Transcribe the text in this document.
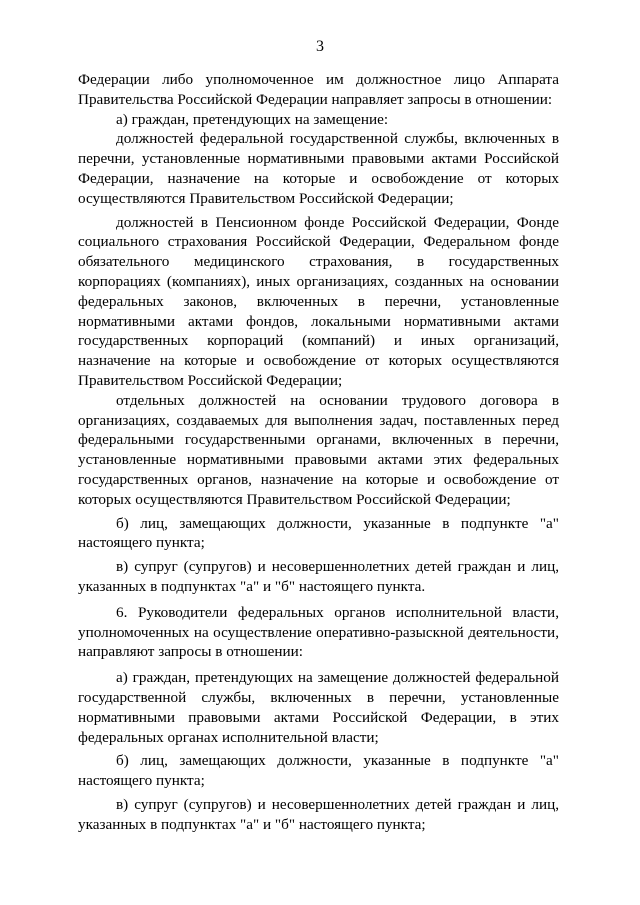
3

Федерации либо уполномоченное им должностное лицо Аппарата Правительства Российской Федерации направляет запросы в отношении:

а) граждан, претендующих на замещение:

должностей федеральной государственной службы, включенных в перечни, установленные нормативными правовыми актами Российской Федерации, назначение на которые и освобождение от которых осуществляются Правительством Российской Федерации;

должностей в Пенсионном фонде Российской Федерации, Фонде социального страхования Российской Федерации, Федеральном фонде обязательного медицинского страхования, в государственных корпорациях (компаниях), иных организациях, созданных на основании федеральных законов, включенных в перечни, установленные нормативными актами фондов, локальными нормативными актами государственных корпораций (компаний) и иных организаций, назначение на которые и освобождение от которых осуществляются Правительством Российской Федерации;

отдельных должностей на основании трудового договора в организациях, создаваемых для выполнения задач, поставленных перед федеральными государственными органами, включенных в перечни, установленные нормативными правовыми актами этих федеральных государственных органов, назначение на которые и освобождение от которых осуществляются Правительством Российской Федерации;

б) лиц, замещающих должности, указанные в подпункте "а" настоящего пункта;

в) супруг (супругов) и несовершеннолетних детей граждан и лиц, указанных в подпунктах "а" и "б" настоящего пункта.

6. Руководители федеральных органов исполнительной власти, уполномоченных на осуществление оперативно-разыскной деятельности, направляют запросы в отношении:

а) граждан, претендующих на замещение должностей федеральной государственной службы, включенных в перечни, установленные нормативными правовыми актами Российской Федерации, в этих федеральных органах исполнительной власти;

б) лиц, замещающих должности, указанные в подпункте "а" настоящего пункта;

в) супруг (супругов) и несовершеннолетних детей граждан и лиц, указанных в подпунктах "а" и "б" настоящего пункта;
